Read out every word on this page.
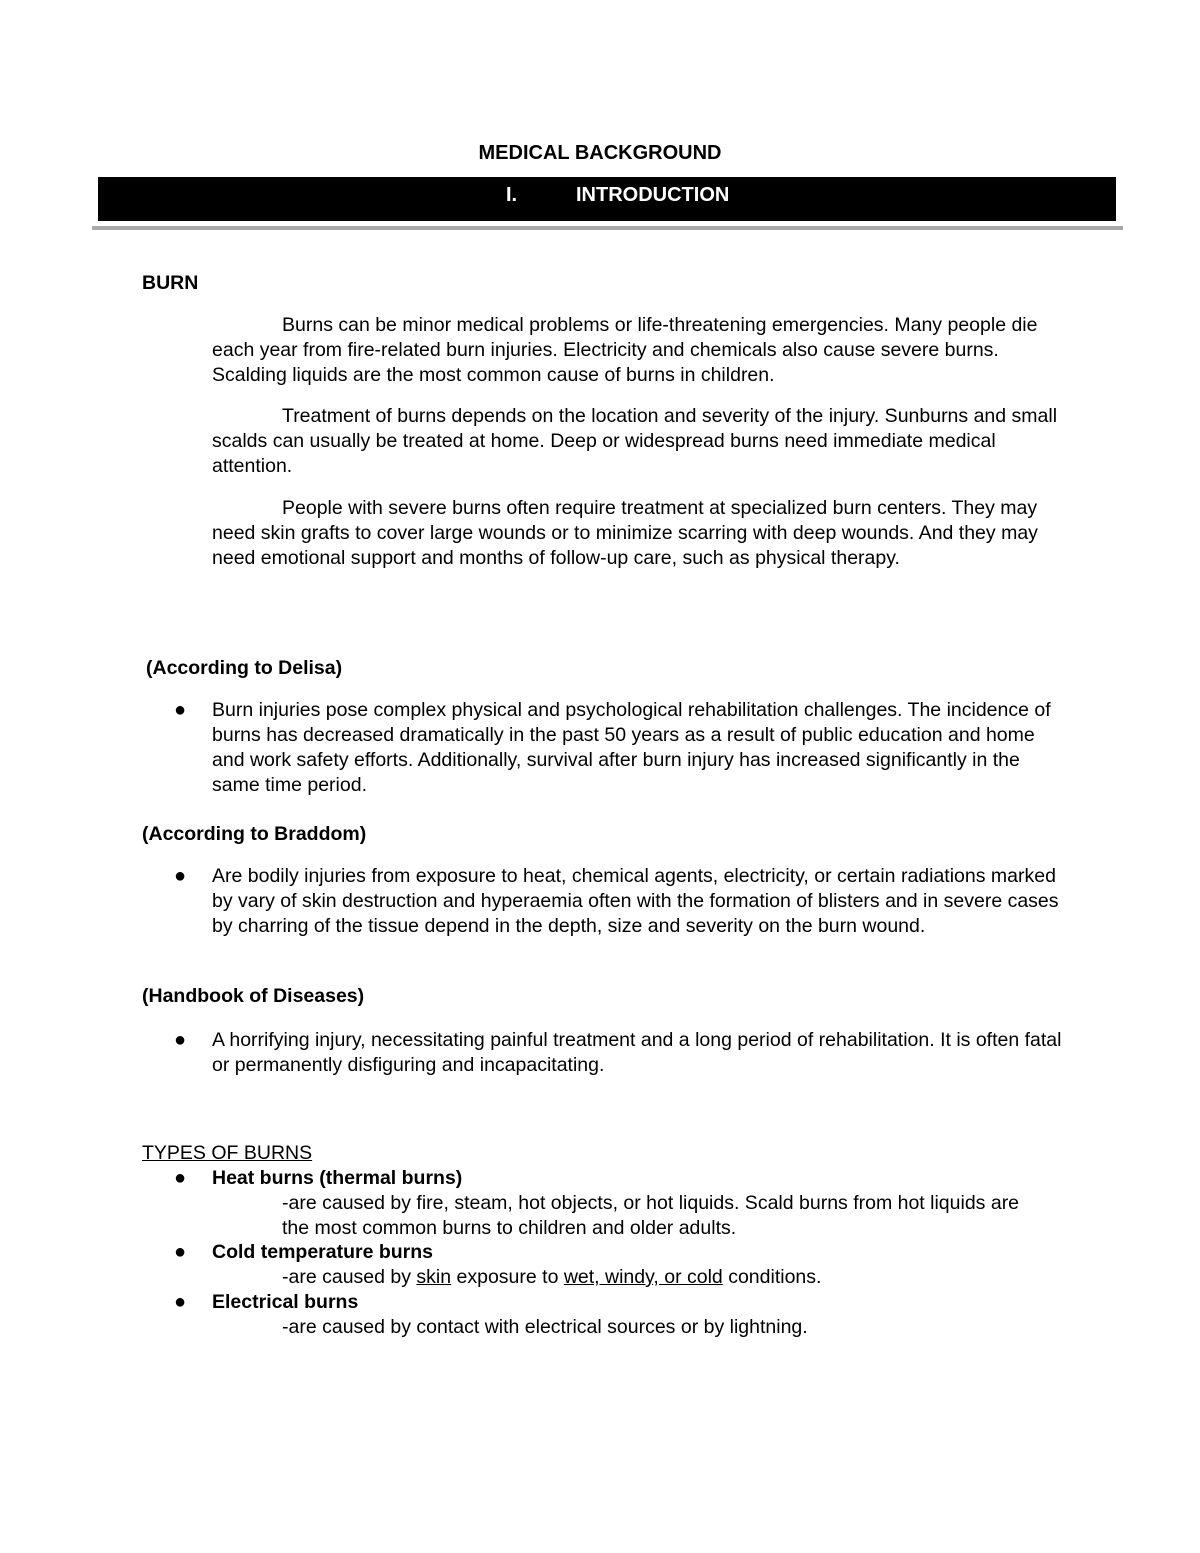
MEDICAL BACKGROUND
I.	INTRODUCTION
BURN

Burns can be minor medical problems or life-threatening emergencies. Many people die each year from fire-related burn injuries. Electricity and chemicals also cause severe burns. Scalding liquids are the most common cause of burns in children.

Treatment of burns depends on the location and severity of the injury. Sunburns and small scalds can usually be treated at home. Deep or widespread burns need immediate medical attention.

People with severe burns often require treatment at specialized burn centers. They may need skin grafts to cover large wounds or to minimize scarring with deep wounds. And they may need emotional support and months of follow-up care, such as physical therapy.

(According to Delisa)
● Burn injuries pose complex physical and psychological rehabilitation challenges. The incidence of burns has decreased dramatically in the past 50 years as a result of public education and home and work safety efforts. Additionally, survival after burn injury has increased significantly in the same time period.

(According to Braddom)
● Are bodily injuries from exposure to heat, chemical agents, electricity, or certain radiations marked by vary of skin destruction and hyperaemia often with the formation of blisters and in severe cases by charring of the tissue depend in the depth, size and severity on the burn wound.

(Handbook of Diseases)
● A horrifying injury, necessitating painful treatment and a long period of rehabilitation. It is often fatal or permanently disfiguring and incapacitating.

TYPES OF BURNS
● Heat burns (thermal burns)

-are caused by fire, steam, hot objects, or hot liquids. Scald burns from hot liquids are the most common burns to children and older adults.

● Cold temperature burns

-are caused by skin exposure to wet, windy, or cold conditions.

● Electrical burns

-are caused by contact with electrical sources or by lightning.
